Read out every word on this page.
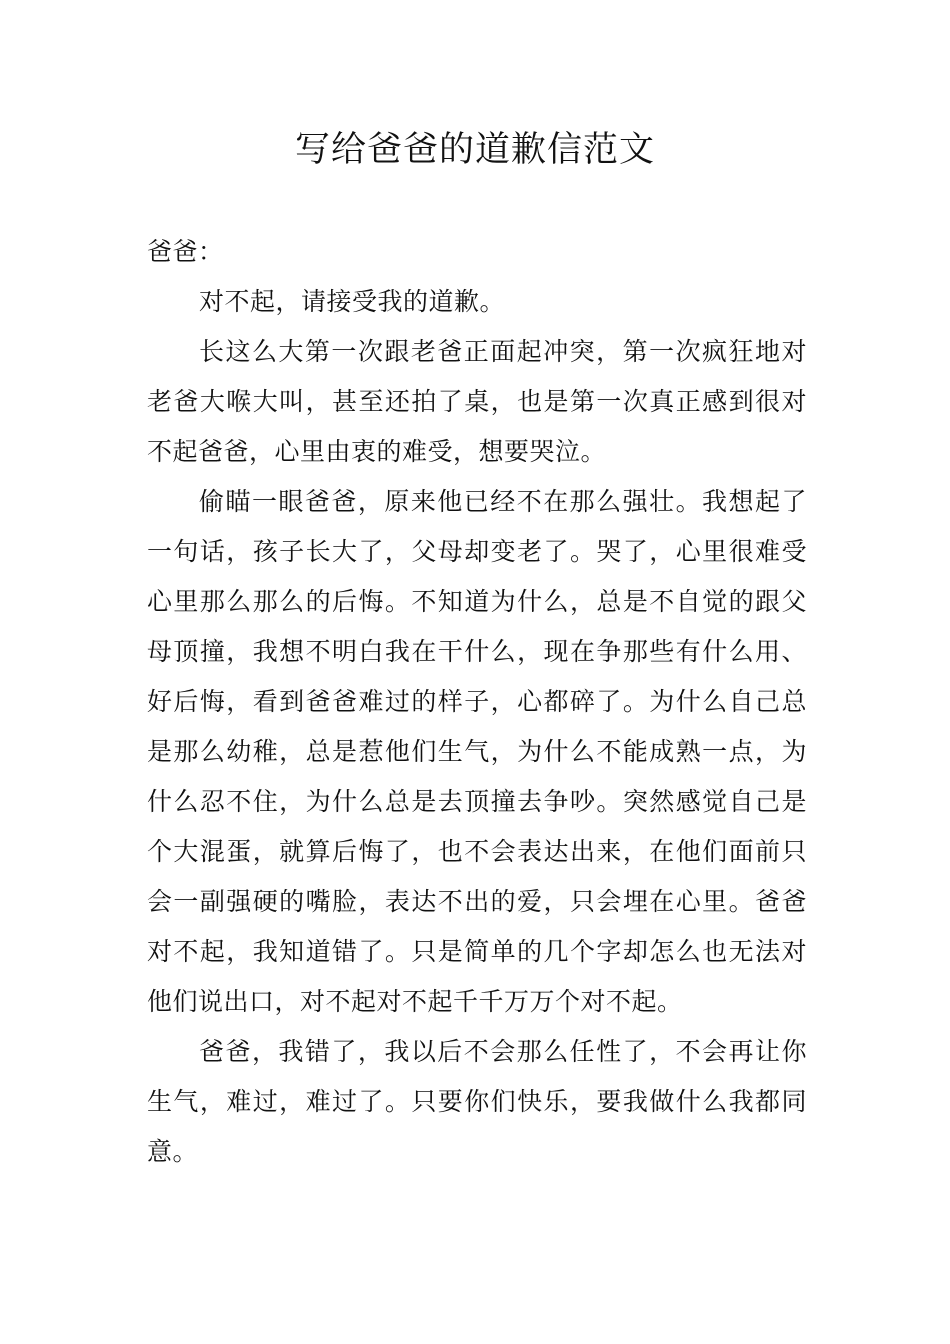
写给爸爸的道歉信范文

爸爸：

对不起，请接受我的道歉。

长这么大第一次跟老爸正面起冲突，第一次疯狂地对老爸大喉大叫，甚至还拍了桌，也是第一次真正感到很对不起爸爸，心里由衷的难受，想要哭泣。

偷瞄一眼爸爸，原来他已经不在那么强壮。我想起了一句话，孩子长大了，父母却变老了。哭了，心里很难受心里那么那么的后悔。不知道为什么，总是不自觉的跟父母顶撞，我想不明白我在干什么，现在争那些有什么用、好后悔，看到爸爸难过的样子，心都碎了。为什么自己总是那么幼稚，总是惹他们生气，为什么不能成熟一点，为什么忍不住，为什么总是去顶撞去争吵。突然感觉自己是个大混蛋，就算后悔了，也不会表达出来，在他们面前只会一副强硬的嘴脸，表达不出的爱，只会埋在心里。爸爸对不起，我知道错了。只是简单的几个字却怎么也无法对他们说出口，对不起对不起千千万万个对不起。

爸爸，我错了，我以后不会那么任性了，不会再让你生气，难过，难过了。只要你们快乐，要我做什么我都同意。
